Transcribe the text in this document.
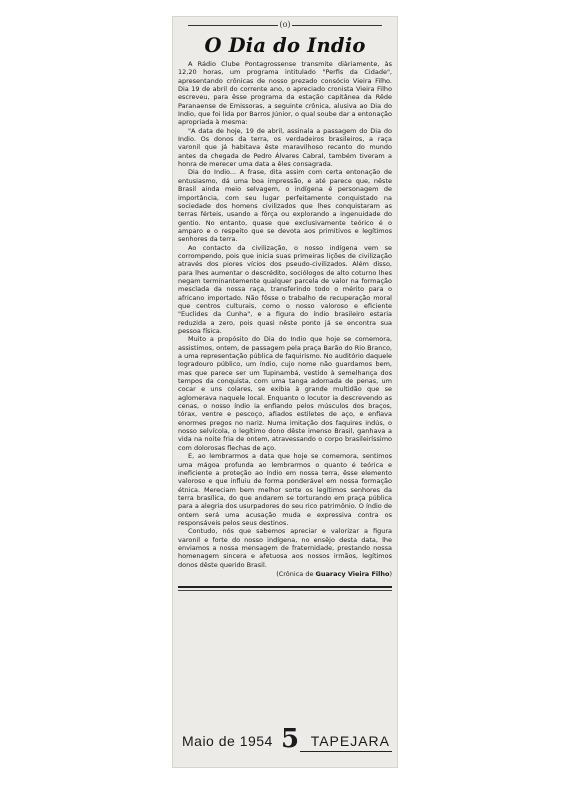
(o)
O Dia do Indio

A Rádio Clube Pontagrossense transmite diàriamente, às 12,20 horas, um programa intitulado "Perfis da Cidade", apresentando crônicas de nosso prezado consócio Vieira Filho. Dia 19 de abril do corrente ano, o apreciado cronista Vieira Filho escreveu, para êsse programa da estação capitânea da Rêde Paranaense de Emissoras, a seguinte crônica, alusiva ao Dia do Indio, que foi lida por Barros Júnior, o qual soube dar a entonação apropriada à mesma:

"A data de hoje, 19 de abril, assinala a passagem do Dia do Indio. Os donos da terra, os verdadeiros brasileiros, a raça varonil que já habitava êste maravilhoso recanto do mundo antes da chegada de Pedro Álvares Cabral, também tiveram a honra de merecer uma data a êles consagrada.

Dia do Indio... A frase, dita assim com certa entonação de entusiasmo, dá uma boa impressão, e até parece que, nêste Brasil ainda meio selvagem, o indígena é personagem de importância, com seu lugar perfeitamente conquistado na sociedade dos homens civilizados que lhes conquistaram as terras férteis, usando a fôrça ou explorando a ingenuidade do gentio. No entanto, quase que exclusivamente teórico é o amparo e o respeito que se devota aos primitivos e legítimos senhores da terra.

Ao contacto da civilização, o nosso indígena vem se corrompendo, pois que inicia suas primeiras lições de civilização através dos piores vícios dos pseudo-civilizados. Além disso, para lhes aumentar o descrédito, sociólogos de alto coturno lhes negam terminantemente qualquer parcela de valor na formação mesclada da nossa raça, transferindo todo o mérito para o africano importado. Não fôsse o trabalho de recuperação moral que centros culturais, como o nosso valoroso e eficiente "Euclides da Cunha", e a figura do índio brasileiro estaria reduzida a zero, pois quasi nêste ponto já se encontra sua pessoa física.

Muito a propósito do Dia do Indio que hoje se comemora, assistimos, ontem, de passagem pela praça Barão do Rio Branco, a uma representação pública de faquirismo. No auditório daquele logradouro público, um índio, cujo nome não guardamos bem, mas que parece ser um Tupinambá, vestido à semelhança dos tempos da conquista, com uma tanga adornada de penas, um cocar e uns colares, se exibia à grande multidão que se aglomerava naquele local. Enquanto o locutor ia descrevendo as cenas, o nosso índio ia enfiando pelos músculos dos braços, tórax, ventre e pescoço, afiados estiletes de aço, e enfiava enormes pregos no nariz. Numa imitação dos faquires indús, o nosso selvícola, o legítimo dono dêste imenso Brasil, ganhava a vida na noite fria de ontem, atravessando o corpo brasileiríssimo com dolorosas flechas de aço.

E, ao lembrarmos a data que hoje se comemora, sentimos uma mágoa profunda ao lembrarmos o quanto é teórica e ineficiente a proteção ao índio em nossa terra, êsse elemento valoroso e que influiu de forma ponderável em nossa formação étnica. Mereciam bem melhor sorte os legítimos senhores da terra brasílica, do que andarem se torturando em praça pública para a alegria dos usurpadores do seu rico patrimônio. O índio de ontem será uma acusação muda e expressiva contra os responsáveis pelos seus destinos.

Contudo, nós que sabemos apreciar e valorizar a figura varonil e forte do nosso indígena, no ensêjo desta data, lhe enviamos a nossa mensagem de fraternidade, prestando nossa homenagem sincera e afetuosa aos nossos irmãos, legítimos donos dêste querido Brasil.

(Crônica de Guaracy Vieira Filho)
Maio de 1954 5 TAPEJARA
